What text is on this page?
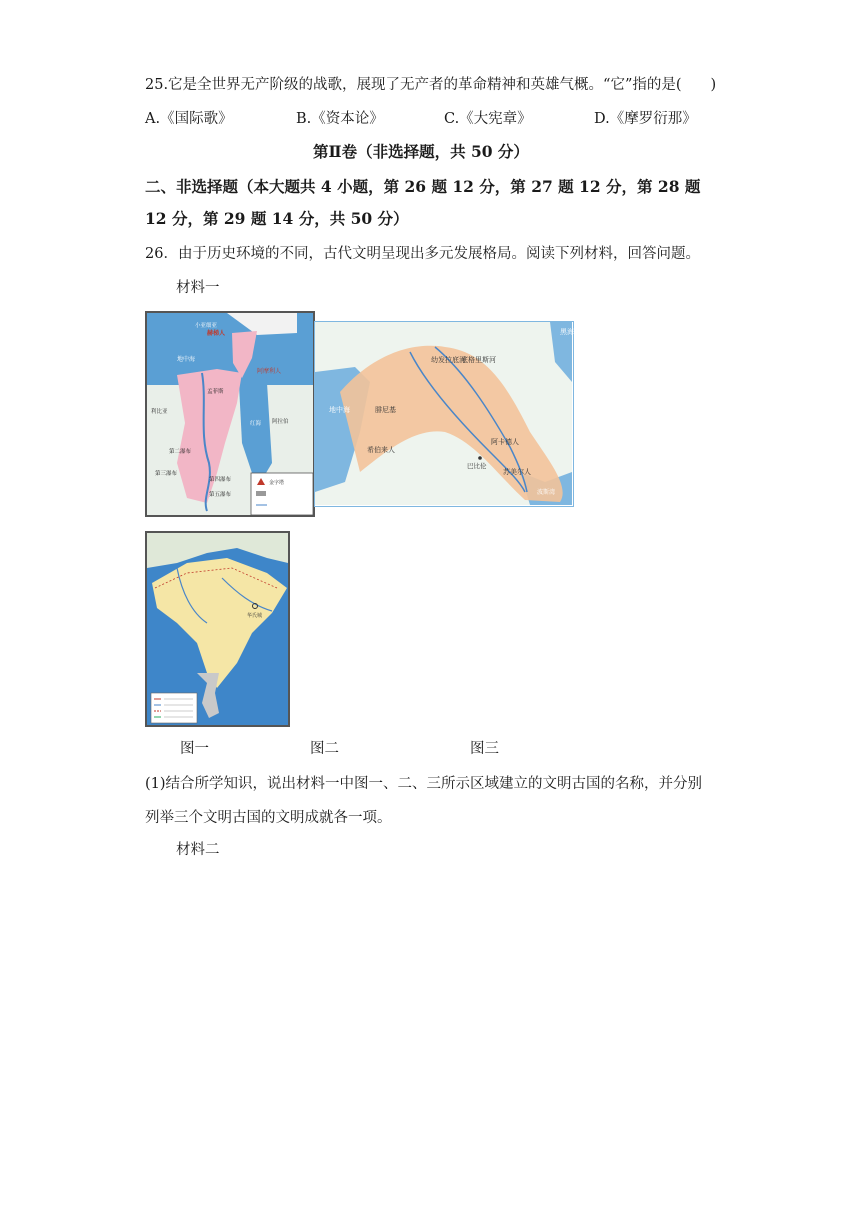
25.它是全世界无产阶级的战歌，展现了无产者的革命精神和英雄气概。“它”指的是(　　)
A.《国际歌》	B.《资本论》	C.《大宪章》	D.《摩罗衍那》
第Ⅱ卷（非选择题，共 50 分）
二、非选择题（本大题共 4 小题，第 26 题 12 分，第 27 题 12 分，第 28 题
12 分，第 29 题 14 分，共 50 分）
26．由于历史环境的不同，古代文明呈现出多元发展格局。阅读下列材料，回答问题。
材料一
小亚细亚
赫梯人
地中海
阿摩利人
利比亚
阿拉伯
第二瀑布
第三瀑布
第四瀑布
第五瀑布
红海
孟菲斯
金字塔
黑海
幼发拉底河
底格里斯河
地中海	腓尼基
希伯来人
阿卡德人
巴比伦
苏美尔人
波斯湾
华氏城
图一	图二	图三
(1)结合所学知识，说出材料一中图一、二、三所示区域建立的文明古国的名称，并分别
列举三个文明古国的文明成就各一项。
材料二
